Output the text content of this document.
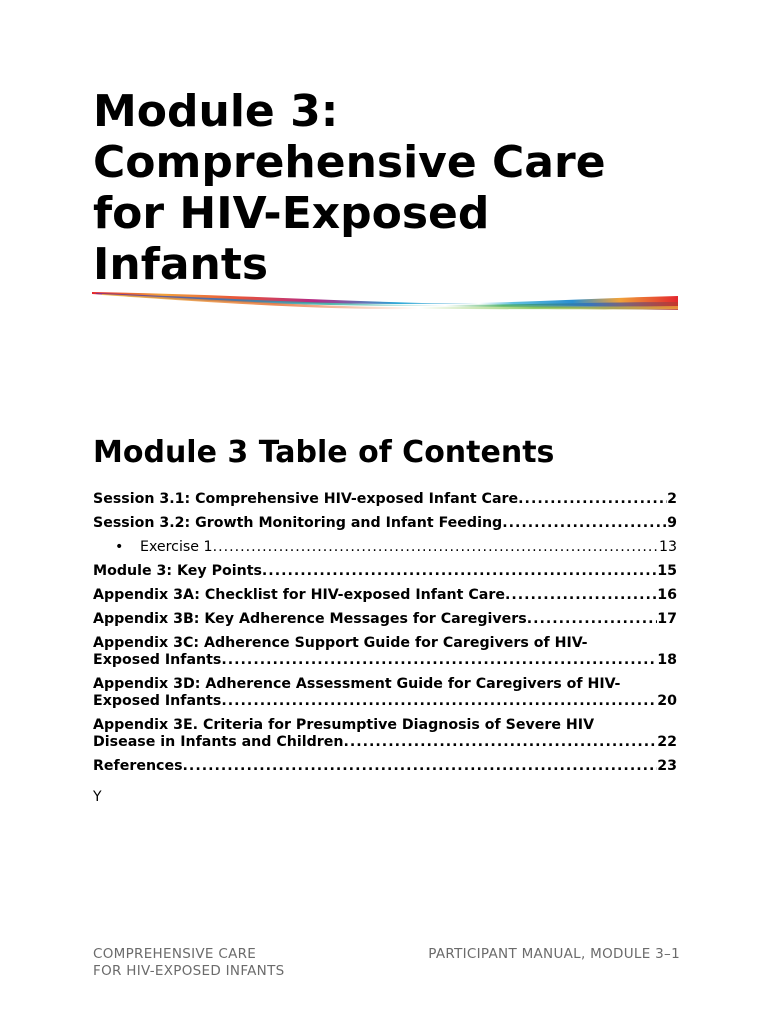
Module 3:
Comprehensive Care
for HIV-Exposed
Infants
Module 3 Table of Contents
Session 3.1: Comprehensive HIV-exposed Infant Care .....	2
Session 3.2: Growth Monitoring and Infant Feeding .....	9
•	Exercise 1 .....	13
Module 3: Key Points .....	15
Appendix 3A: Checklist for HIV-exposed Infant Care .....	16
Appendix 3B: Key Adherence Messages for Caregivers .....	17
Appendix 3C: Adherence Support Guide for Caregivers of HIV-
Exposed Infants .....	18
Appendix 3D: Adherence Assessment Guide for Caregivers of HIV-
Exposed Infants .....	20
Appendix 3E. Criteria for Presumptive Diagnosis of Severe HIV
Disease in Infants and Children .....	22
References .....	23
Y
COMPREHENSIVE CARE
FOR HIV-EXPOSED INFANTS
PARTICIPANT MANUAL, MODULE 3–1
